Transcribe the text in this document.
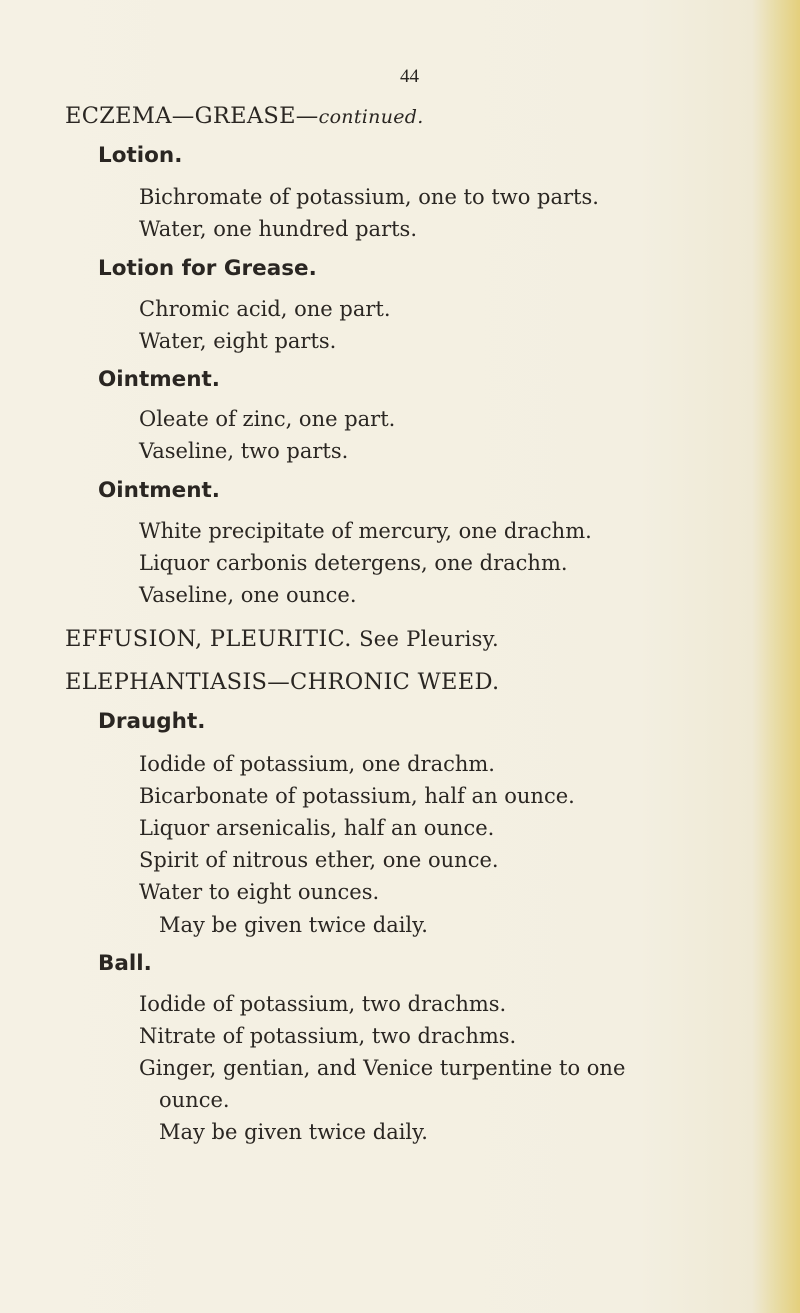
44
ECZEMA—GREASE—continued.
Lotion.
Bichromate of potassium, one to two parts.
Water, one hundred parts.
Lotion for Grease.
Chromic acid, one part.
Water, eight parts.
Ointment.
Oleate of zinc, one part.
Vaseline, two parts.
Ointment.
White precipitate of mercury, one drachm.
Liquor carbonis detergens, one drachm.
Vaseline, one ounce.
EFFUSION, PLEURITIC. See Pleurisy.
ELEPHANTIASIS—CHRONIC WEED.
Draught.
Iodide of potassium, one drachm.
Bicarbonate of potassium, half an ounce.
Liquor arsenicalis, half an ounce.
Spirit of nitrous ether, one ounce.
Water to eight ounces.
May be given twice daily.
Ball.
Iodide of potassium, two drachms.
Nitrate of potassium, two drachms.
Ginger, gentian, and Venice turpentine to one
ounce.
May be given twice daily.
